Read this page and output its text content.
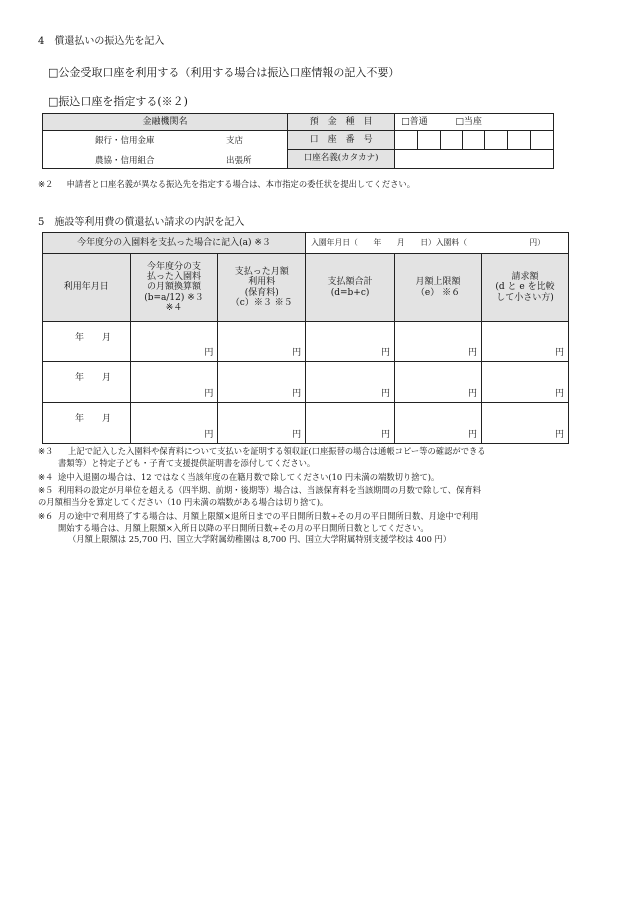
4　償還払いの振込先を記入
□公金受取口座を利用する（利用する場合は振込口座情報の記入不要）
□振込口座を指定する(※２)
金融機関名	預　金　種　目	□普通 □当座						

銀行・信用金庫 支店
農協・信用組合 出張所	口　座　番　号							
	口座名義(カタカナ)							
※２ 申請者と口座名義が異なる振込先を指定する場合は、本市指定の委任状を提出してください。
5　施設等利用費の償還払い請求の内訳を記入
今年度分の入園料を支払った場合に記入(a) ※３			入園年月日（　　年　　月　　日）入園料（　　　　　　　　円）		
利用年月日	今年度分の支
払った入園料
の月額換算額
(b=a/12) ※３
※４	支払った月額
利用料
(保育料)
（c）※３ ※５	支払額合計
(d=b+c)	月額上限額
（e） ※６	請求額
(d と e を比較
して小さい方)

年　　月	円	円	円	円	円

年　　月	円	円	円	円	円

年　　月	円	円	円	円	円
※３	上記で記入した入園料や保育料について支払いを証明する領収証(口座振替の場合は通帳コピー等の確認ができる
書類等）と特定子ども・子育て支援提供証明書を添付してください。
※４ 途中入退園の場合は、12 ではなく当該年度の在籍月数で除してください(10 円未満の端数切り捨て)。
※５ 利用料の設定が月単位を超える（四半期、前期・後期等）場合は、当該保育料を当該期間の月数で除して、保育料
の月額相当分を算定してください（10 円未満の端数がある場合は切り捨て)。
※６ 月の途中で利用終了する場合は、月額上限額×退所日までの平日開所日数÷その月の平日開所日数、月途中で利用
開始する場合は、月額上限額×入所日以降の平日開所日数÷その月の平日開所日数としてください。
（月額上限額は 25,700 円、国立大学附属幼稚園は 8,700 円、国立大学附属特別支援学校は 400 円）
